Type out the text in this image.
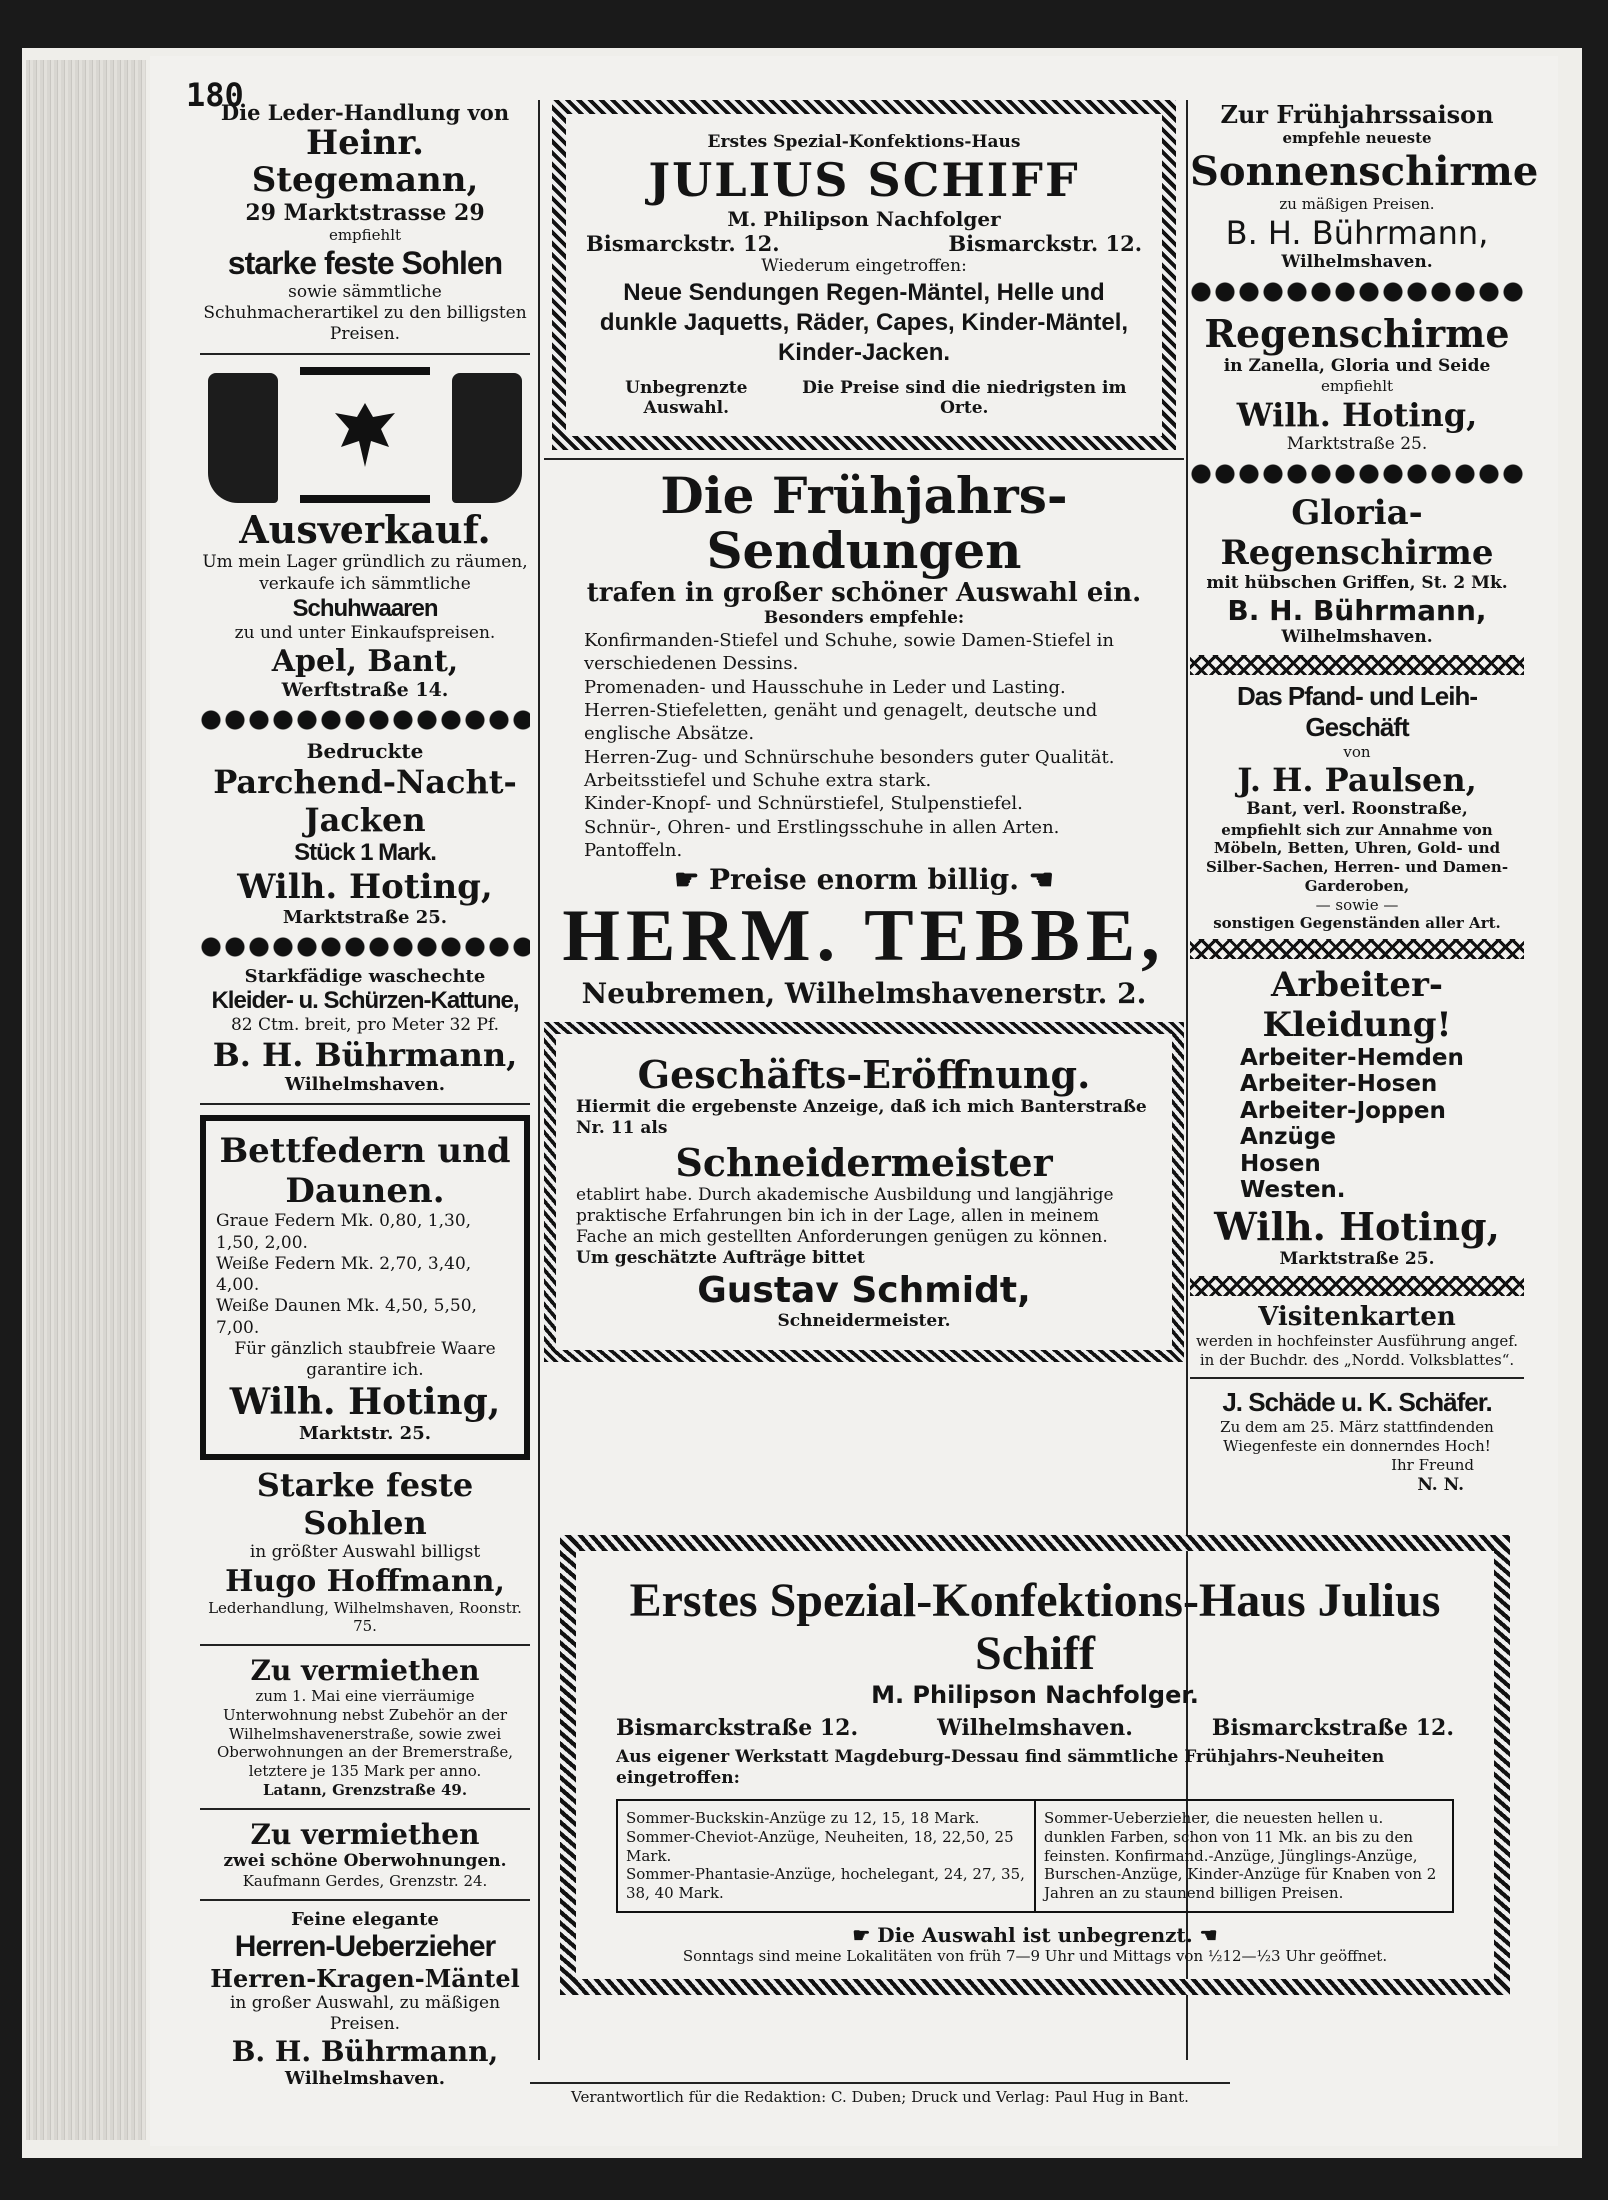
180
Die Leder-Handlung von
Heinr. Stegemann,
29 Marktstrasse 29
empfiehlt
starke feste Sohlen
sowie sämmtliche Schuhmacherartikel zu den billigsten Preisen.
Ausverkauf.
Um mein Lager gründlich zu räumen, verkaufe ich sämmtliche
Schuhwaaren
zu und unter Einkaufspreisen.
Apel, Bant,
Werftstraße 14.
Bedruckte
Parchend-Nacht-Jacken
Stück 1 Mark.
Wilh. Hoting,
Marktstraße 25.
Starkfädige waschechte
Kleider- u. Schürzen-Kattune,
82 Ctm. breit, pro Meter 32 Pf.
B. H. Bührmann,
Wilhelmshaven.
Bettfedern und
Daunen.
Graue Federn Mk. 0,80, 1,30, 1,50, 2,00.
Weiße Federn Mk. 2,70, 3,40, 4,00.
Weiße Daunen Mk. 4,50, 5,50, 7,00.
Für gänzlich staubfreie Waare garantire ich.
Wilh. Hoting,
Marktstr. 25.
Starke feste Sohlen
in größter Auswahl billigst
Hugo Hoffmann,
Lederhandlung, Wilhelmshaven, Roonstr. 75.
Zu vermiethen
zum 1. Mai eine vierräumige Unterwohnung nebst Zubehör an der Wilhelmshavenerstraße, sowie zwei Oberwohnungen an der Bremerstraße, letztere je 135 Mark per anno.
Latann, Grenzstraße 49.
Zu vermiethen
zwei schöne Oberwohnungen.
Kaufmann Gerdes, Grenzstr. 24.
Feine elegante
Herren-Ueberzieher
Herren-Kragen-Mäntel
in großer Auswahl, zu mäßigen Preisen.
B. H. Bührmann,
Wilhelmshaven.
Erstes Spezial-Konfektions-Haus
JULIUS SCHIFF
M. Philipson Nachfolger
Bismarckstr. 12.	Bismarckstr. 12.
Wiederum eingetroffen:
Neue Sendungen Regen-Mäntel, Helle und dunkle Jaquetts, Räder, Capes, Kinder-Mäntel, Kinder-Jacken.
Unbegrenzte Auswahl.
Die Preise sind die niedrigsten im Orte.
Die Frühjahrs-Sendungen
trafen in großer schöner Auswahl ein.
Besonders empfehle:
Konfirmanden-Stiefel und Schuhe, sowie Damen-Stiefel in verschiedenen Dessins.
Promenaden- und Hausschuhe in Leder und Lasting.
Herren-Stiefeletten, genäht und genagelt, deutsche und englische Absätze.
Herren-Zug- und Schnürschuhe besonders guter Qualität.
Arbeitsstiefel und Schuhe extra stark.
Kinder-Knopf- und Schnürstiefel, Stulpenstiefel.
Schnür-, Ohren- und Erstlingsschuhe in allen Arten.
Pantoffeln.
☛ Preise enorm billig. ☚
HERM. TEBBE,
Neubremen, Wilhelmshavenerstr. 2.
Geschäfts-Eröffnung.
Hiermit die ergebenste Anzeige, daß ich mich Banterstraße Nr. 11 als
Schneidermeister
etablirt habe. Durch akademische Ausbildung und langjährige praktische Erfahrungen bin ich in der Lage, allen in meinem Fache an mich gestellten Anforderungen genügen zu können.
Um geschätzte Aufträge bittet
Gustav Schmidt,
Schneidermeister.
Zur Frühjahrssaison
empfehle neueste
Sonnenschirme
zu mäßigen Preisen.
B. H. Bührmann,
Wilhelmshaven.
Regenschirme
in Zanella, Gloria und Seide
empfiehlt
Wilh. Hoting,
Marktstraße 25.
Gloria-Regenschirme
mit hübschen Griffen, St. 2 Mk.
B. H. Bührmann,
Wilhelmshaven.
Das Pfand- und Leih-Geschäft
von
J. H. Paulsen,
Bant, verl. Roonstraße,
empfiehlt sich zur Annahme von Möbeln, Betten, Uhren, Gold- und Silber-Sachen, Herren- und Damen-Garderoben,
— sowie —
sonstigen Gegenständen aller Art.
Arbeiter-Kleidung!
Arbeiter-Hemden
Arbeiter-Hosen
Arbeiter-Joppen
Anzüge
Hosen
Westen.
Wilh. Hoting,
Marktstraße 25.
Visitenkarten
werden in hochfeinster Ausführung angef. in der Buchdr. des „Nordd. Volksblattes“.
J. Schäde u. K. Schäfer.
Zu dem am 25. März stattfindenden Wiegenfeste ein donnerndes Hoch!
Ihr Freund
N. N.
Erstes Spezial-Konfektions-Haus Julius Schiff
M. Philipson Nachfolger.
Bismarckstraße 12.	Wilhelmshaven.	Bismarckstraße 12.
Aus eigener Werkstatt Magdeburg-Dessau find sämmtliche Frühjahrs-Neuheiten eingetroffen:
Sommer-Buckskin-Anzüge zu 12, 15, 18 Mark.
Sommer-Cheviot-Anzüge, Neuheiten, 18, 22,50, 25 Mark.
Sommer-Phantasie-Anzüge, hochelegant, 24, 27, 35, 38, 40 Mark.
	Sommer-Ueberzieher, die neuesten hellen u. dunklen Farben, schon von 11 Mk. an bis zu den feinsten. Konfirmand.-Anzüge, Jünglings-Anzüge, Burschen-Anzüge, Kinder-Anzüge für Knaben von 2 Jahren an zu staunend billigen Preisen.
☛ Die Auswahl ist unbegrenzt. ☚
Sonntags sind meine Lokalitäten von früh 7—9 Uhr und Mittags von ½12—½3 Uhr geöffnet.
Verantwortlich für die Redaktion: C. Duben; Druck und Verlag: Paul Hug in Bant.
